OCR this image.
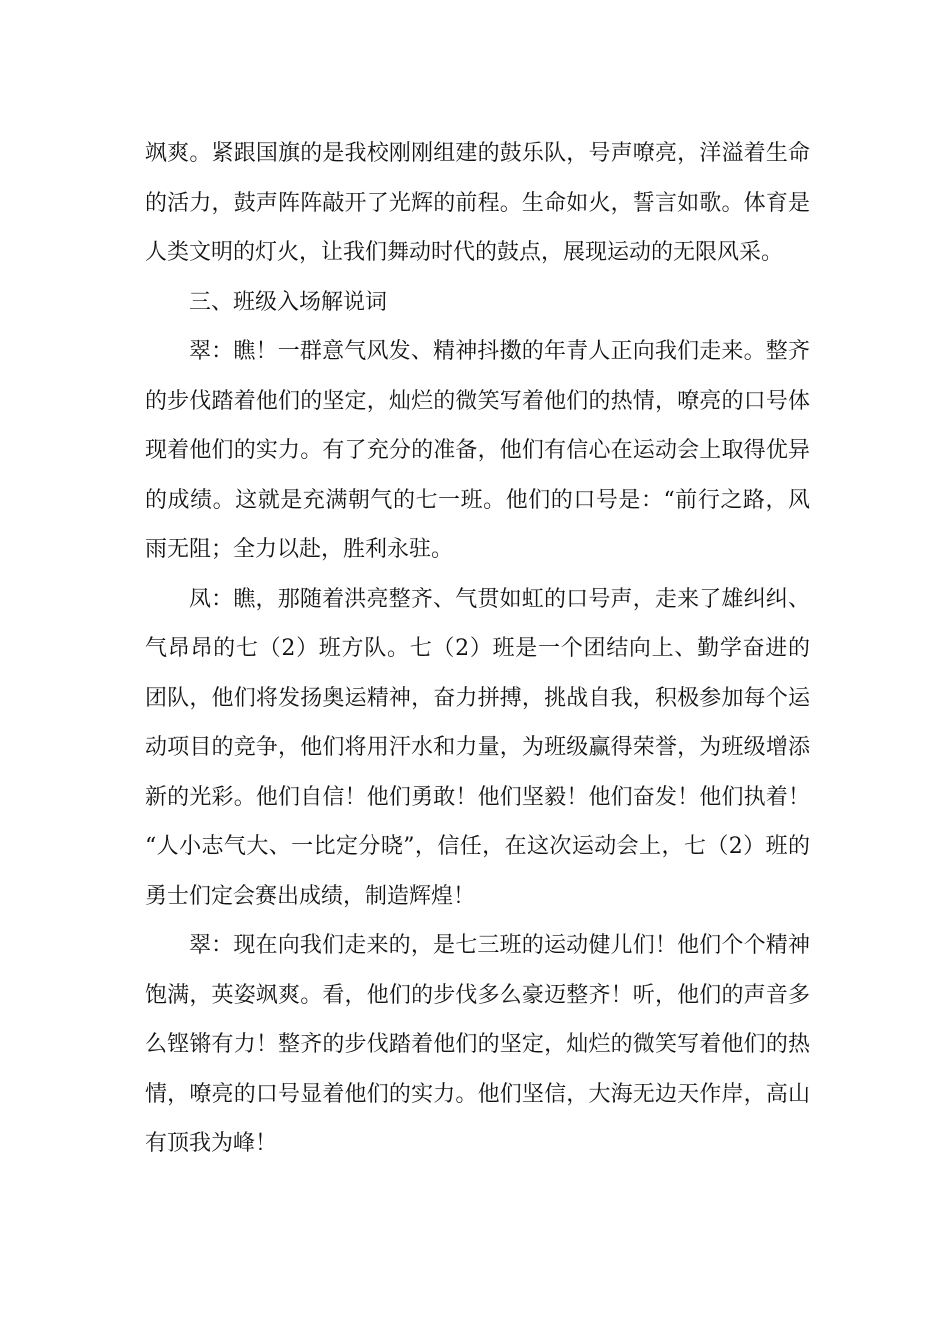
飒爽。紧跟国旗的是我校刚刚组建的鼓乐队，号声嘹亮，洋溢着生命的活力，鼓声阵阵敲开了光辉的前程。生命如火，誓言如歌。体育是人类文明的灯火，让我们舞动时代的鼓点，展现运动的无限风采。

三、班级入场解说词

翠：瞧！一群意气风发、精神抖擞的年青人正向我们走来。整齐的步伐踏着他们的坚定，灿烂的微笑写着他们的热情，嘹亮的口号体现着他们的实力。有了充分的准备，他们有信心在运动会上取得优异的成绩。这就是充满朝气的七一班。他们的口号是：“前行之路，风雨无阻；全力以赴，胜利永驻。

凤：瞧，那随着洪亮整齐、气贯如虹的口号声，走来了雄纠纠、气昂昂的七（2）班方队。七（2）班是一个团结向上、勤学奋进的团队，他们将发扬奥运精神，奋力拼搏，挑战自我，积极参加每个运动项目的竞争，他们将用汗水和力量，为班级赢得荣誉，为班级增添新的光彩。他们自信！他们勇敢！他们坚毅！他们奋发！他们执着！“人小志气大、一比定分晓”，信任，在这次运动会上，七（2）班的勇士们定会赛出成绩，制造辉煌！

翠：现在向我们走来的，是七三班的运动健儿们！他们个个精神饱满，英姿飒爽。看，他们的步伐多么豪迈整齐！听，他们的声音多么铿锵有力！整齐的步伐踏着他们的坚定，灿烂的微笑写着他们的热情，嘹亮的口号显着他们的实力。他们坚信，大海无边天作岸，高山有顶我为峰！
